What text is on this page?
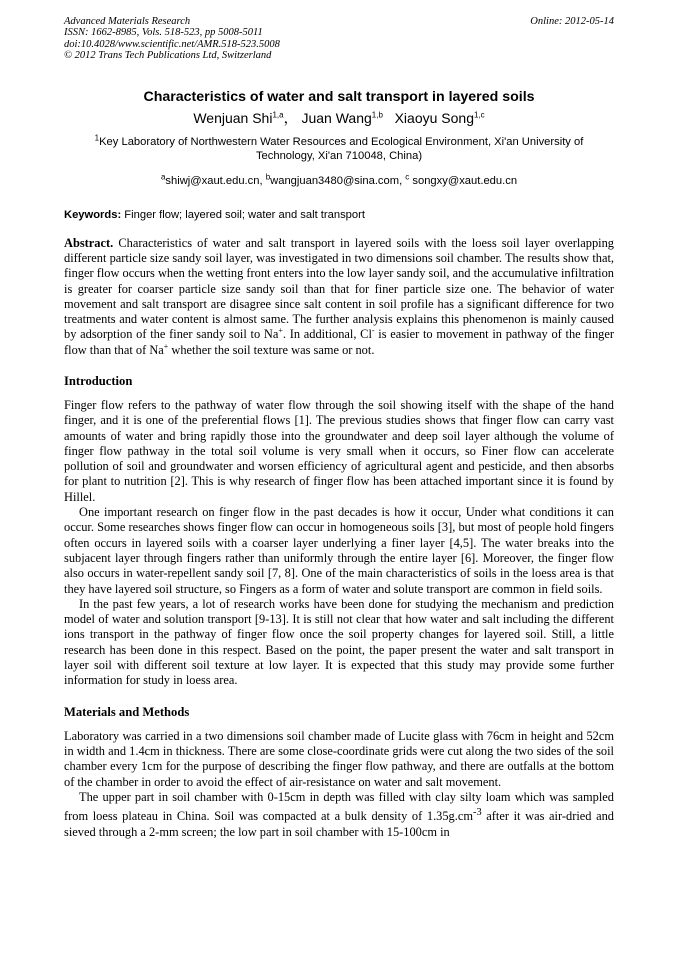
Advanced Materials Research
ISSN: 1662-8985, Vols. 518-523, pp 5008-5011
doi:10.4028/www.scientific.net/AMR.518-523.5008
© 2012 Trans Tech Publications Ltd, Switzerland
Online: 2012-05-14
Characteristics of water and salt transport in layered soils
Wenjuan Shi$^{1,a}$， Juan Wang$^{1,b}$ Xiaoyu Song$^{1,c}$
$^1$Key Laboratory of Northwestern Water Resources and Ecological Environment, Xi'an University of Technology, Xi'an 710048, China)
$^a$shiwj@xaut.edu.cn, $^b$wangjuan3480@sina.com, $^c$ songxy@xaut.edu.cn
Keywords: Finger flow; layered soil; water and salt transport
Abstract. Characteristics of water and salt transport in layered soils with the loess soil layer overlapping different particle size sandy soil layer, was investigated in two dimensions soil chamber. The results show that, finger flow occurs when the wetting front enters into the low layer sandy soil, and the accumulative infiltration is greater for coarser particle size sandy soil than that for finer particle size one. The behavior of water movement and salt transport are disagree since salt content in soil profile has a significant difference for two treatments and water content is almost same. The further analysis explains this phenomenon is mainly caused by adsorption of the finer sandy soil to Na+. In additional, Cl- is easier to movement in pathway of the finger flow than that of Na+ whether the soil texture was same or not.
Introduction

Finger flow refers to the pathway of water flow through the soil showing itself with the shape of the hand finger, and it is one of the preferential flows [1]. The previous studies shows that finger flow can carry vast amounts of water and bring rapidly those into the groundwater and deep soil layer although the volume of finger flow pathway in the total soil volume is very small when it occurs, so Finer flow can accelerate pollution of soil and groundwater and worsen efficiency of agricultural agent and pesticide, and then absorbs for plant to nutrition [2]. This is why research of finger flow has been attached important since it is found by Hillel.

One important research on finger flow in the past decades is how it occur, Under what conditions it can occur. Some researches shows finger flow can occur in homogeneous soils [3], but most of people hold fingers often occurs in layered soils with a coarser layer underlying a finer layer [4,5]. The water breaks into the subjacent layer through fingers rather than uniformly through the entire layer [6]. Moreover, the finger flow also occurs in water-repellent sandy soil [7, 8]. One of the main characteristics of soils in the loess area is that they have layered soil structure, so Fingers as a form of water and solute transport are common in field soils.

In the past few years, a lot of research works have been done for studying the mechanism and prediction model of water and solution transport [9-13]. It is still not clear that how water and salt including the different ions transport in the pathway of finger flow once the soil property changes for layered soil. Still, a little research has been done in this respect. Based on the point, the paper present the water and salt transport in layer soil with different soil texture at low layer. It is expected that this study may provide some further information for study in loess area.

Materials and Methods

Laboratory was carried in a two dimensions soil chamber made of Lucite glass with 76cm in height and 52cm in width and 1.4cm in thickness. There are some close-coordinate grids were cut along the two sides of the soil chamber every 1cm for the purpose of describing the finger flow pathway, and there are outfalls at the bottom of the chamber in order to avoid the effect of air-resistance on water and salt movement.

The upper part in soil chamber with 0-15cm in depth was filled with clay silty loam which was sampled from loess plateau in China. Soil was compacted at a bulk density of $1.35g.cm^{-3}$ after it was air-dried and sieved through a 2-mm screen; the low part in soil chamber with 15-100cm in
